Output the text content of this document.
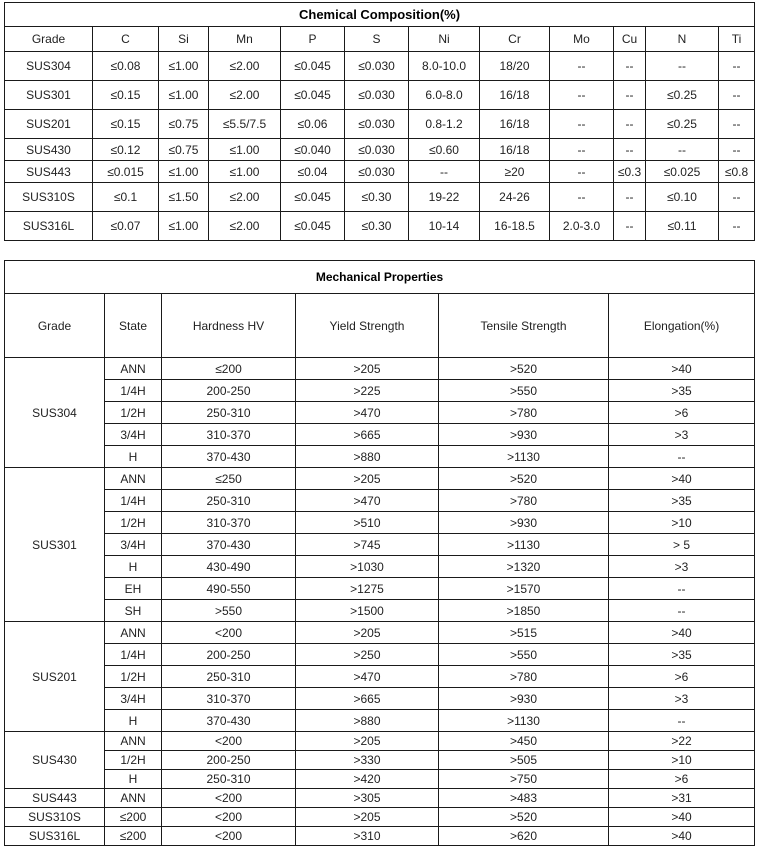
Chemical Composition(%)											
Grade	C	Si	Mn	P	S	Ni	Cr	Mo	Cu	N	Ti
SUS304	≤0.08	≤1.00	≤2.00	≤0.045	≤0.030	8.0-10.0	18/20	--	--	--	--
SUS301	≤0.15	≤1.00	≤2.00	≤0.045	≤0.030	6.0-8.0	16/18	--	--	≤0.25	--
SUS201	≤0.15	≤0.75	≤5.5/7.5	≤0.06	≤0.030	0.8-1.2	16/18	--	--	≤0.25	--
SUS430	≤0.12	≤0.75	≤1.00	≤0.040	≤0.030	≤0.60	16/18	--	--	--	--
SUS443	≤0.015	≤1.00	≤1.00	≤0.04	≤0.030	--	≥20	--	≤0.3	≤0.025	≤0.8
SUS310S	≤0.1	≤1.50	≤2.00	≤0.045	≤0.30	19-22	24-26	--	--	≤0.10	--
SUS316L	≤0.07	≤1.00	≤2.00	≤0.045	≤0.30	10-14	16-18.5	2.0-3.0	--	≤0.11	--
Mechanical Properties					
Grade	State	Hardness HV	Yield Strength	Tensile Strength	Elongation(%)
SUS304	ANN	≤200	>205	>520	>40
	1/4H	200-250	>225	>550	>35
	1/2H	250-310	>470	>780	>6
	3/4H	310-370	>665	>930	>3
	H	370-430	>880	>1130	--
SUS301	ANN	≤250	>205	>520	>40
	1/4H	250-310	>470	>780	>35
	1/2H	310-370	>510	>930	>10
	3/4H	370-430	>745	>1130	> 5
	H	430-490	>1030	>1320	>3
	EH	490-550	>1275	>1570	--
	SH	>550	>1500	>1850	--
SUS201	ANN	<200	>205	>515	>40
	1/4H	200-250	>250	>550	>35
	1/2H	250-310	>470	>780	>6
	3/4H	310-370	>665	>930	>3
	H	370-430	>880	>1130	--
SUS430	ANN	<200	>205	>450	>22
	1/2H	200-250	>330	>505	>10
	H	250-310	>420	>750	>6
SUS443	ANN	<200	>305	>483	>31
SUS310S	≤200	<200	>205	>520	>40
SUS316L	≤200	<200	>310	>620	>40
